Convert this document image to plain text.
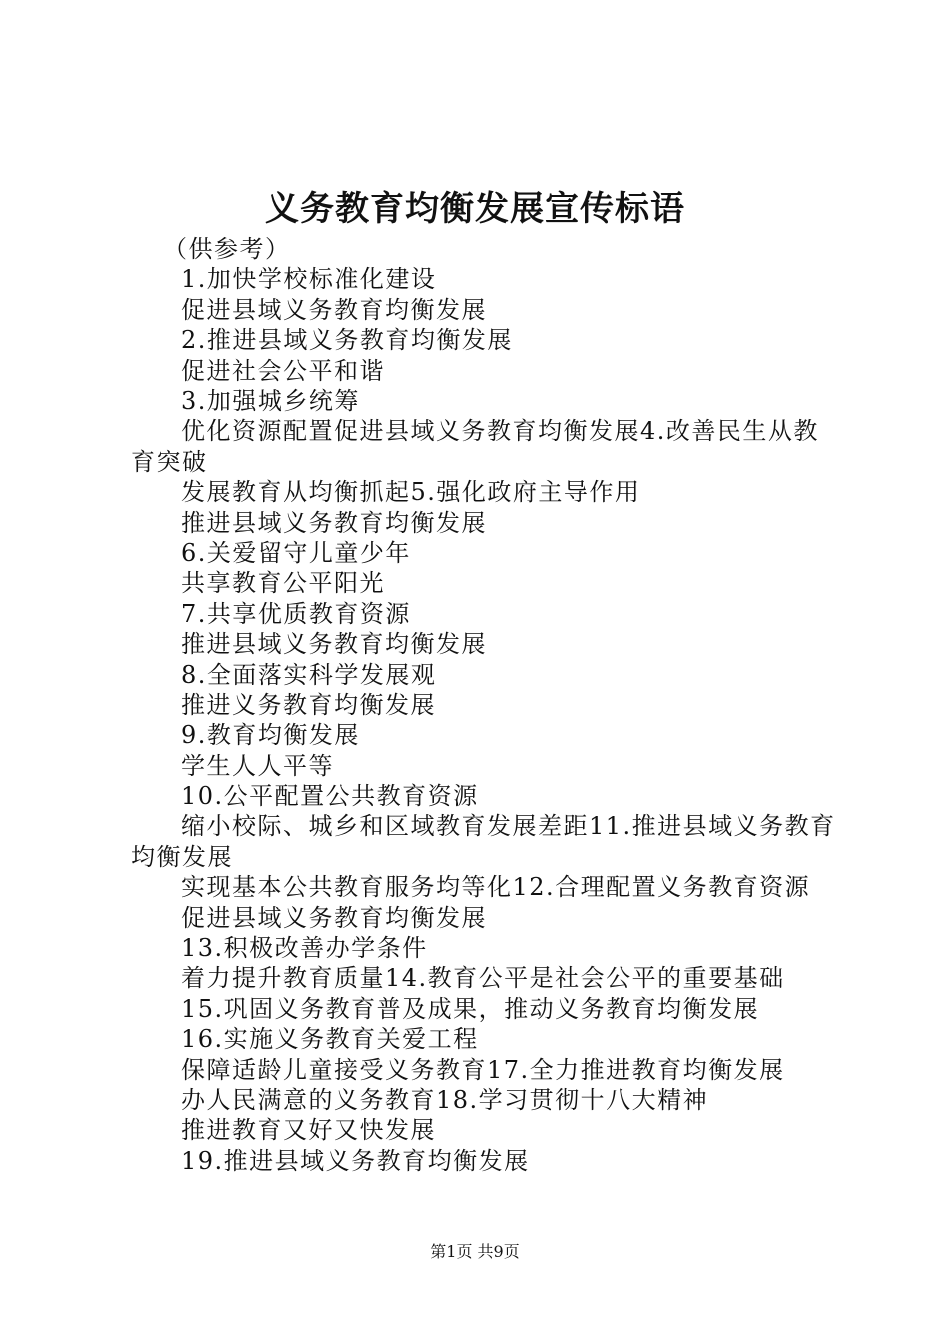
义务教育均衡发展宣传标语
（供参考）
1.加快学校标准化建设
促进县域义务教育均衡发展
2.推进县域义务教育均衡发展
促进社会公平和谐
3.加强城乡统筹
优化资源配置促进县域义务教育均衡发展4.改善民生从教育突破
发展教育从均衡抓起5.强化政府主导作用
推进县域义务教育均衡发展
6.关爱留守儿童少年
共享教育公平阳光
7.共享优质教育资源
推进县域义务教育均衡发展
8.全面落实科学发展观
推进义务教育均衡发展
9.教育均衡发展
学生人人平等
10.公平配置公共教育资源
缩小校际、城乡和区域教育发展差距11.推进县域义务教育均衡发展
实现基本公共教育服务均等化12.合理配置义务教育资源
促进县域义务教育均衡发展
13.积极改善办学条件
着力提升教育质量14.教育公平是社会公平的重要基础
15.巩固义务教育普及成果，推动义务教育均衡发展
16.实施义务教育关爱工程
保障适龄儿童接受义务教育17.全力推进教育均衡发展
办人民满意的义务教育18.学习贯彻十八大精神
推进教育又好又快发展
19.推进县域义务教育均衡发展
第1页 共9页
